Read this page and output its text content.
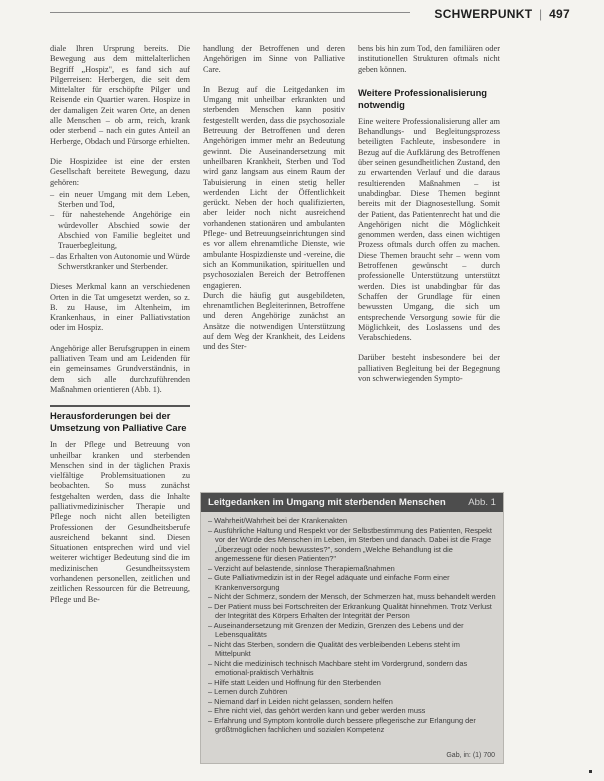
SCHWERPUNKT | 497

diale Ihren Ursprung bereits. Die Bewegung aus dem mittelalterlichen Begriff „Hospiz", es fand sich auf Pilgerreisen: Herbergen, die seit dem Mittelalter für erschöpfte Pilger und Reisende ein Quartier waren. Hospize in der damaligen Zeit waren Orte, an denen alle Menschen – ob arm, reich, krank oder sterbend – nach ein gutes Anteil an Herberge, Obdach und Fürsorge erhielten.

Die Hospizidee ist eine der ersten Gesellschaft bereitete Bewegung, dazu gehören:

– ein neuer Umgang mit dem Leben, Sterben und Tod,
– für nahestehende Angehörige ein würdevoller Abschied sowie der Abschied von Familie begleitet und Trauerbegleitung,
– das Erhalten von Autonomie und Würde Schwerstkranker und Sterbender.

Dieses Merkmal kann an verschiedenen Orten in die Tat umgesetzt werden, so z. B. zu Hause, im Altenheim, im Krankenhaus, in einer Palliativstation oder im Hospiz.

Angehörige aller Berufsgruppen in einem palliativen Team und am Leidenden für ein gemeinsames Grundverständnis, in dem sich alle durchzuführenden Maßnahmen orientieren (Abb. 1).

Herausforderungen bei der Umsetzung von Palliative Care

In der Pflege und Betreuung von unheilbar kranken und sterbenden Menschen sind in der täglichen Praxis vielfältige Problemsituationen zu beobachten. So muss zunächst festgehalten werden, dass die Inhalte palliativmedizinischer Therapie und Pflege noch nicht allen beteiligten Professionen der Gesundheitsberufe ausreichend bekannt sind. Diesen Situationen entsprechen wird und viel weiterer wichtiger Bedeutung sind die im medizinischen Gesundheitssystem vorhandenen personellen, zeitlichen und zeitlichen Ressourcen für die Betreuung, Pflege und Be-

handlung der Betroffenen und deren Angehörigen im Sinne von Palliative Care.

In Bezug auf die Leitgedanken im Umgang mit unheilbar erkrankten und sterbenden Menschen kann positiv festgestellt werden, dass die psychosoziale Betreuung der Betroffenen und deren Angehörigen immer mehr an Bedeutung gewinnt. Die Auseinandersetzung mit unheilbaren Krankheit, Sterben und Tod wird ganz langsam aus einem Raum der Tabuisierung in einen stetig heller werdenden Licht der Öffentlichkeit gerückt. Neben der hoch qualifizierten, aber leider noch nicht ausreichend vorhandenen stationären und ambulanten Pflege- und Betreuungseinrichtungen sind es vor allem ehrenamtliche Dienste, wie ambulante Hospizdienste und -vereine, die sich an Kommunikation, spirituellen und psychosozialen Bereich der Betroffenen engagieren.

Durch die häufig gut ausgebildeten, ehrenamtlichen Begleiterinnen, Betroffene und deren Angehörige zunächst an Ansätze die notwendigen Unterstützung auf dem Weg der Krankheit, des Leidens und des Ster-

bens bis hin zum Tod, den familiären oder institutionellen Strukturen oftmals nicht geben können.

Weitere Professionalisierung notwendig

Eine weitere Professionalisierung aller am Behandlungs- und Begleitungsprozess beteiligten Fachleute, insbesondere in Bezug auf die Aufklärung des Betroffenen über seinen gesundheitlichen Zustand, den zu erwartenden Verlauf und die daraus resultierenden Maßnahmen – ist unabdingbar. Diese Themen beginnt bereits mit der Diagnosestellung. Somit der Patient, das Patientenrecht hat und die Angehörigen nicht die Möglichkeit genommen werden, dass einen wichtigen Prozess oftmals durch offen zu machen. Diese Themen braucht sehr – wenn vom Betroffenen gewünscht – durch professionelle Unterstützung unterstützt werden. Dies ist unabdingbar für das Schaffen der Grundlage für einen bewussten Umgang, die sich um entsprechende Versorgung sowie für die Möglichkeit, des Loslassens und des Verabschiedens.

Darüber besteht insbesondere bei der palliativen Begleitung bei der Begegnung von schwerwiegenden Sympto-

Leitgedanken im Umgang mit sterbenden Menschen Abb. 1
– Wahrheit/Wahrheit bei der Krankenakten
– Ausführliche Haltung und Respekt vor der Selbstbestimmung des Patienten, Respekt vor der Würde des Menschen im Leben, im Sterben und danach. Dabei ist die Frage „Überzeugt oder noch bewusstes?", sondern „Welche Behandlung ist die angemessene für diesen Patienten?"
– Verzicht auf belastende, sinnlose Therapiemaßnahmen
– Gute Palliativmedizin ist in der Regel adäquate und einfache Form einer Krankenversorgung
– Nicht der Schmerz, sondern der Mensch, der Schmerzen hat, muss behandelt werden
– Der Patient muss bei Fortschreiten der Erkrankung Qualität hinnehmen. Trotz Verlust der Integrität des Körpers Erhalten der Integrität der Person
– Auseinandersetzung mit Grenzen der Medizin, Grenzen des Lebens und der Lebensqualitäts
– Nicht das Sterben, sondern die Qualität des verbleibenden Lebens steht im Mittelpunkt
– Nicht die medizinisch technisch Machbare steht im Vordergrund, sondern das emotional-praktisch Verhältnis
– Hilfe statt Leiden und Hoffnung für den Sterbenden
– Lernen durch Zuhören
– Niemand darf in Leiden nicht gelassen, sondern helfen
– Ehre nicht viel, das gehört werden kann und geber werden muss
– Erfahrung und Symptom kontrolle durch bessere pflegerische zur Erlangung der größtmöglichen fachlichen und sozialen Kompetenz
Gab, in: (1) 700
